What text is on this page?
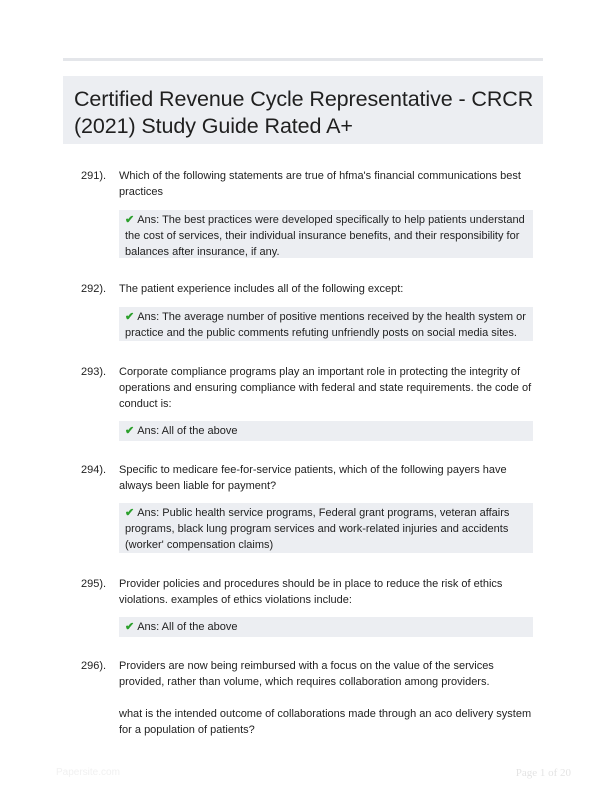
Certified Revenue Cycle Representative - CRCR (2021) Study Guide Rated A+
291). Which of the following statements are true of hfma's financial communications best practices
✔ Ans: The best practices were developed specifically to help patients understand the cost of services, their individual insurance benefits, and their responsibility for balances after insurance, if any.
292). The patient experience includes all of the following except:
✔ Ans: The average number of positive mentions received by the health system or practice and the public comments refuting unfriendly posts on social media sites.
293). Corporate compliance programs play an important role in protecting the integrity of operations and ensuring compliance with federal and state requirements. the code of conduct is:
✔ Ans: All of the above
294). Specific to medicare fee-for-service patients, which of the following payers have always been liable for payment?
✔ Ans: Public health service programs, Federal grant programs, veteran affairs programs, black lung program services and work-related injuries and accidents (worker' compensation claims)
295). Provider policies and procedures should be in place to reduce the risk of ethics violations. examples of ethics violations include:
✔ Ans: All of the above
296). Providers are now being reimbursed with a focus on the value of the services provided, rather than volume, which requires collaboration among providers.

what is the intended outcome of collaborations made through an aco delivery system for a population of patients?

Papersite.com	Page 1 of 20
